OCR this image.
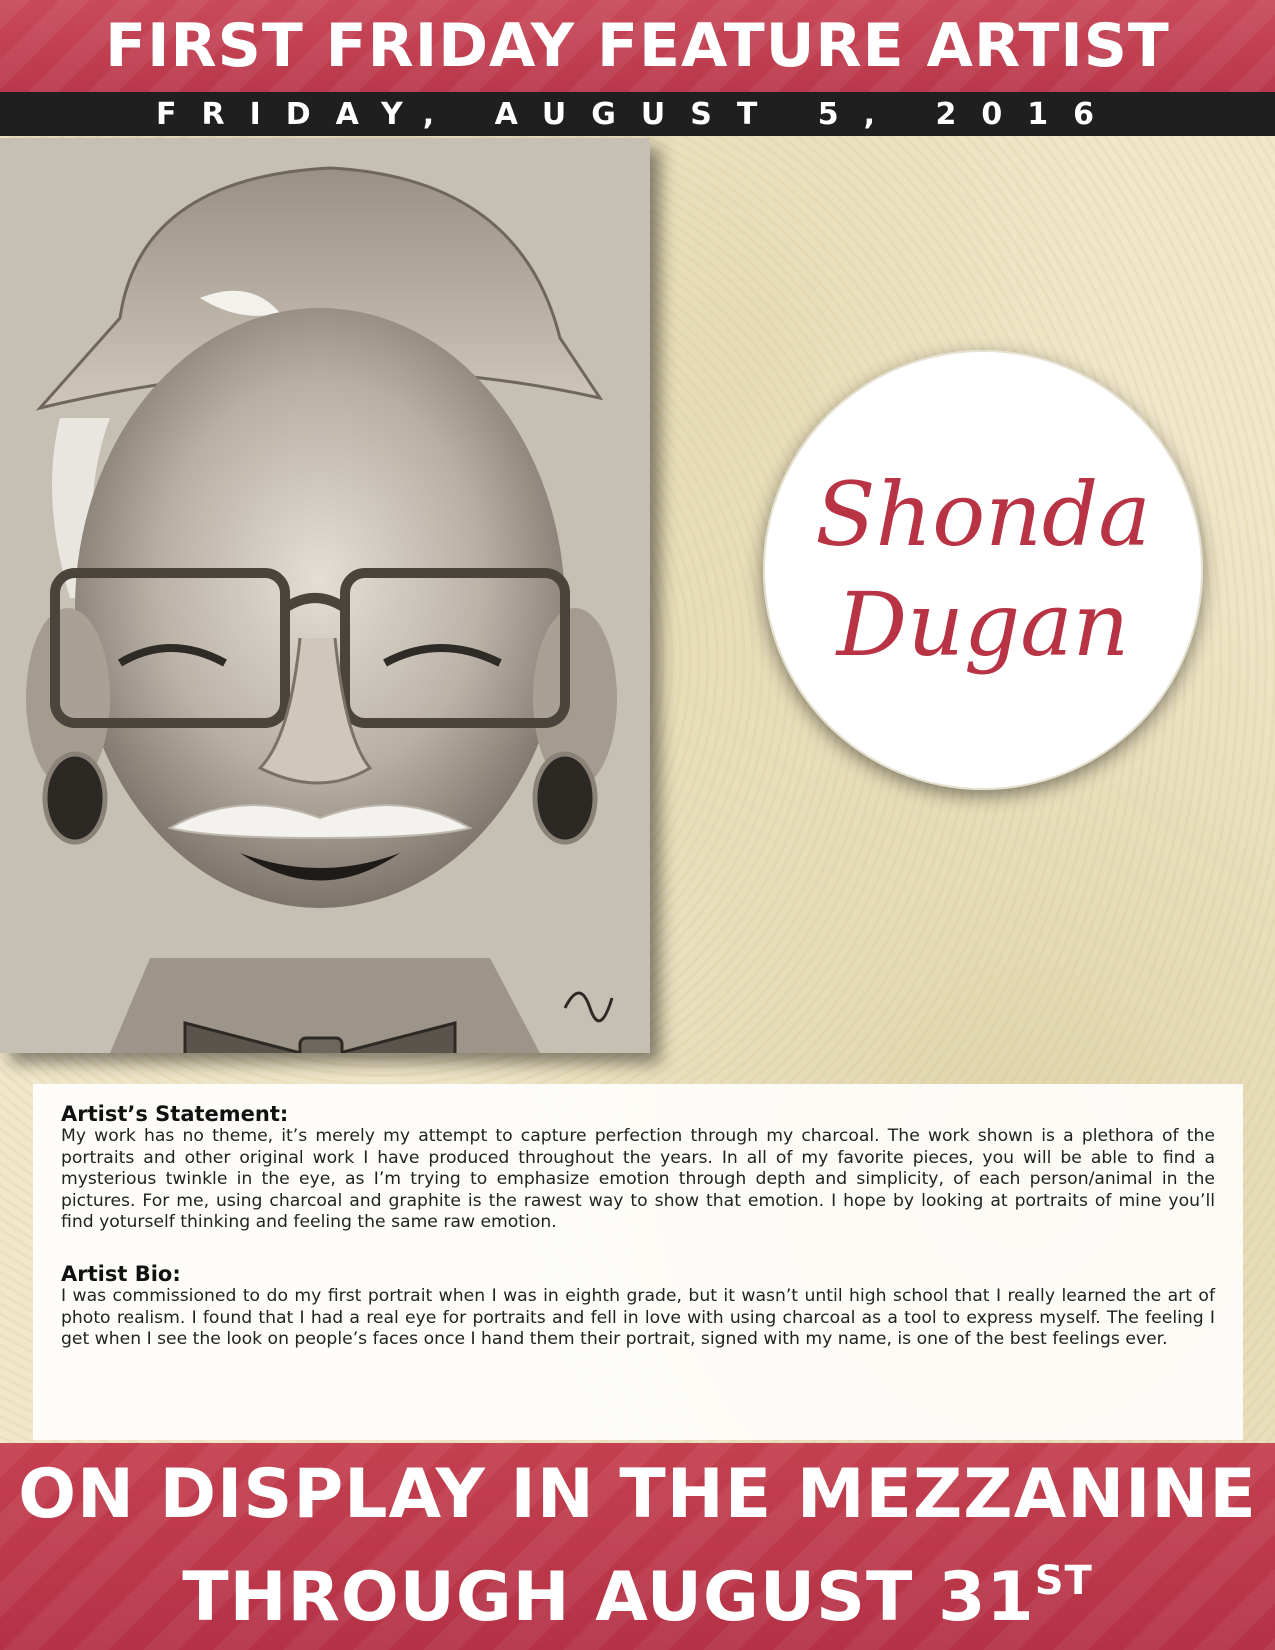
FIRST FRIDAY FEATURE ARTIST
FRIDAY, AUGUST 5, 2016
Shonda
Dugan
Artist’s Statement:

My work has no theme, it’s merely my attempt to capture perfection through my charcoal. The work shown is a plethora of the portraits and other original work I have produced throughout the years. In all of my favorite pieces, you will be able to find a mysterious twinkle in the eye, as I’m trying to emphasize emotion through depth and simplicity, of each person/animal in the pictures. For me, using charcoal and graphite is the rawest way to show that emotion. I hope by looking at portraits of mine you’ll find yoturself thinking and feeling the same raw emotion.

Artist Bio:

I was commissioned to do my first portrait when I was in eighth grade, but it wasn’t until high school that I really learned the art of photo realism. I found that I had a real eye for portraits and fell in love with using charcoal as a tool to express myself. The feeling I get when I see the look on people’s faces once I hand them their portrait, signed with my name, is one of the best feelings ever.

ON DISPLAY IN THE MEZZANINE
THROUGH AUGUST 31ST
